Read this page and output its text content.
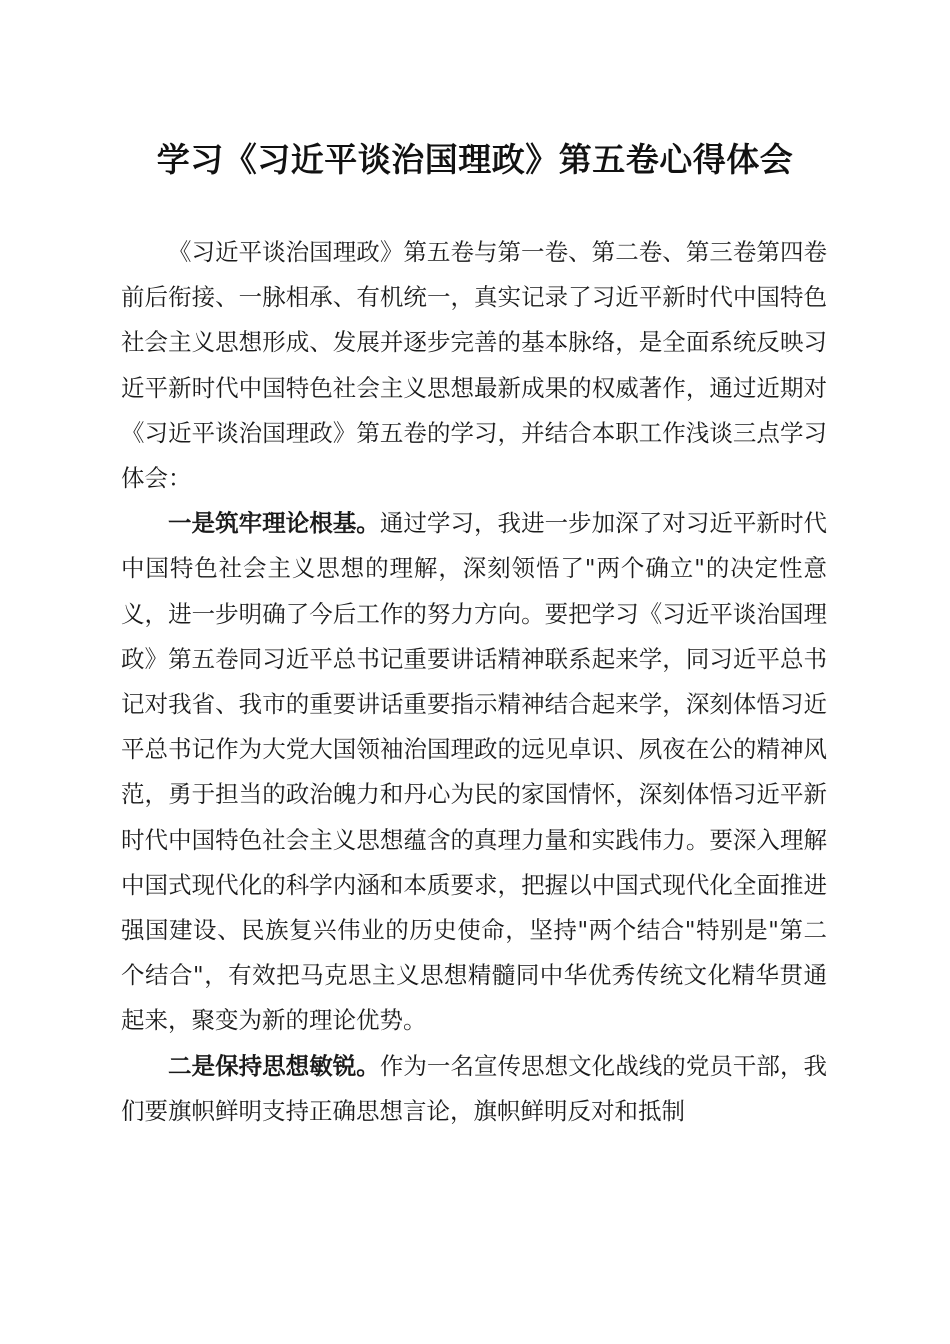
学习《习近平谈治国理政》第五卷心得体会

《习近平谈治国理政》第五卷与第一卷、第二卷、第三卷第四卷前后衔接、一脉相承、有机统一，真实记录了习近平新时代中国特色社会主义思想形成、发展并逐步完善的基本脉络，是全面系统反映习近平新时代中国特色社会主义思想最新成果的权威著作，通过近期对《习近平谈治国理政》第五卷的学习，并结合本职工作浅谈三点学习体会：

一是筑牢理论根基。通过学习，我进一步加深了对习近平新时代中国特色社会主义思想的理解，深刻领悟了"两个确立"的决定性意义，进一步明确了今后工作的努力方向。要把学习《习近平谈治国理政》第五卷同习近平总书记重要讲话精神联系起来学，同习近平总书记对我省、我市的重要讲话重要指示精神结合起来学，深刻体悟习近平总书记作为大党大国领袖治国理政的远见卓识、夙夜在公的精神风范，勇于担当的政治魄力和丹心为民的家国情怀，深刻体悟习近平新时代中国特色社会主义思想蕴含的真理力量和实践伟力。要深入理解中国式现代化的科学内涵和本质要求，把握以中国式现代化全面推进强国建设、民族复兴伟业的历史使命，坚持"两个结合"特别是"第二个结合"，有效把马克思主义思想精髓同中华优秀传统文化精华贯通起来，聚变为新的理论优势。

二是保持思想敏锐。作为一名宣传思想文化战线的党员干部，我们要旗帜鲜明支持正确思想言论，旗帜鲜明反对和抵制
